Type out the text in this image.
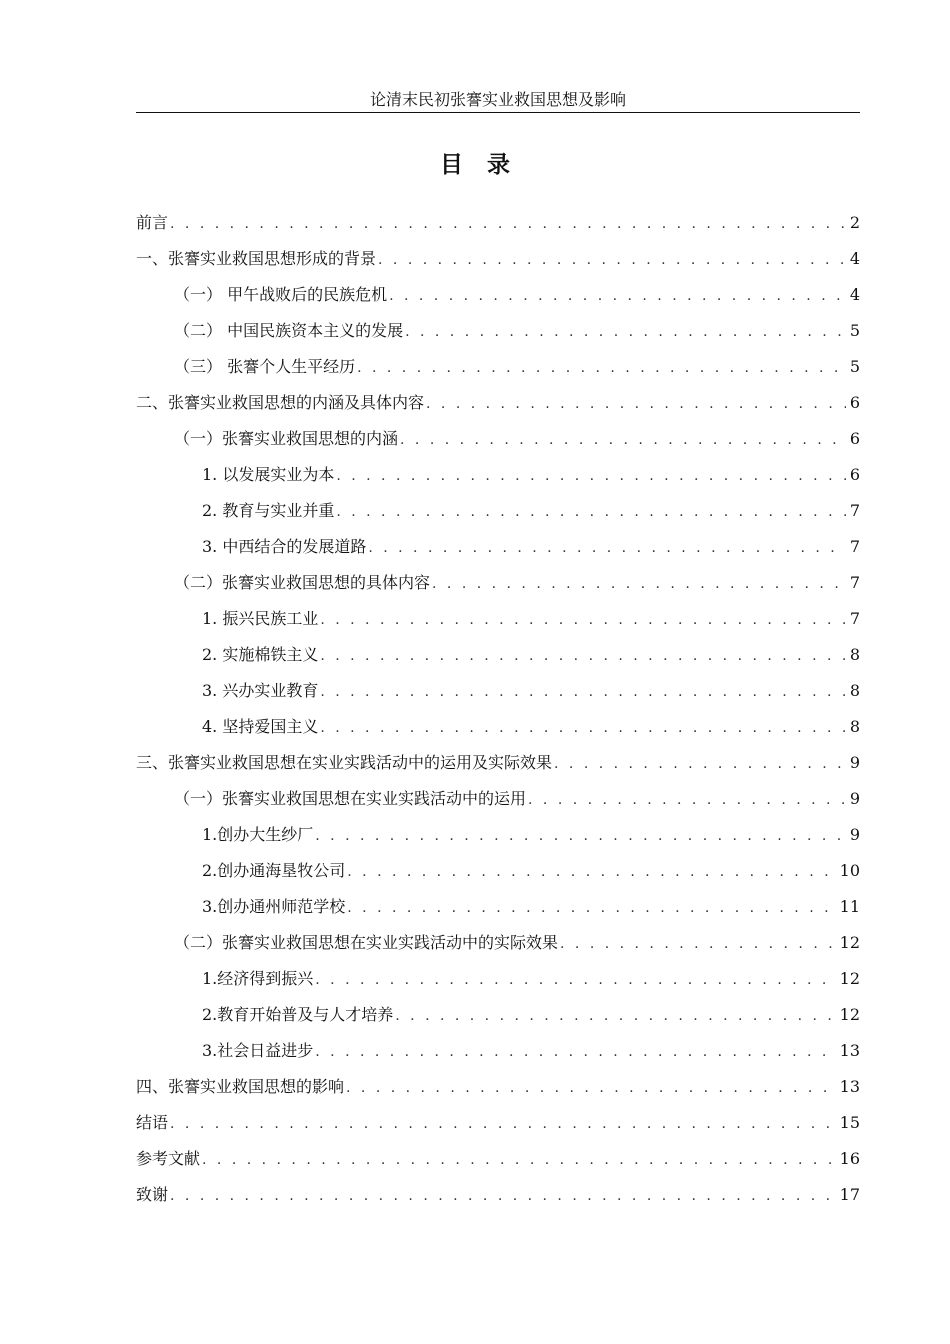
论清末民初张謇实业救国思想及影响
目录
前言 . . .	2
一、张謇实业救国思想形成的背景 . . .	4
（一） 甲午战败后的民族危机 . . .	4
（二） 中国民族资本主义的发展 . . .	5
（三） 张謇个人生平经历 . . .	5
二、张謇实业救国思想的内涵及具体内容 . . .	6
（一）张謇实业救国思想的内涵 . . .	6
1. 以发展实业为本 . . .	6
2. 教育与实业并重 . . .	7
3. 中西结合的发展道路 . . .	7
（二）张謇实业救国思想的具体内容 . . .	7
1. 振兴民族工业 . . .	7
2. 实施棉铁主义 . . .	8
3. 兴办实业教育 . . .	8
4. 坚持爱国主义 . . .	8
三、张謇实业救国思想在实业实践活动中的运用及实际效果 . . .	9
（一）张謇实业救国思想在实业实践活动中的运用 . . .	9
1.创办大生纱厂 . . .	9
2.创办通海垦牧公司 . . .	10
3.创办通州师范学校 . . .	11
（二）张謇实业救国思想在实业实践活动中的实际效果 . . .	12
1.经济得到振兴 . . .	12
2.教育开始普及与人才培养 . . .	12
3.社会日益进步 . . .	13
四、张謇实业救国思想的影响 . . .	13
结语 . . .	15
参考文献 . . .	16
致谢 . . .	17
